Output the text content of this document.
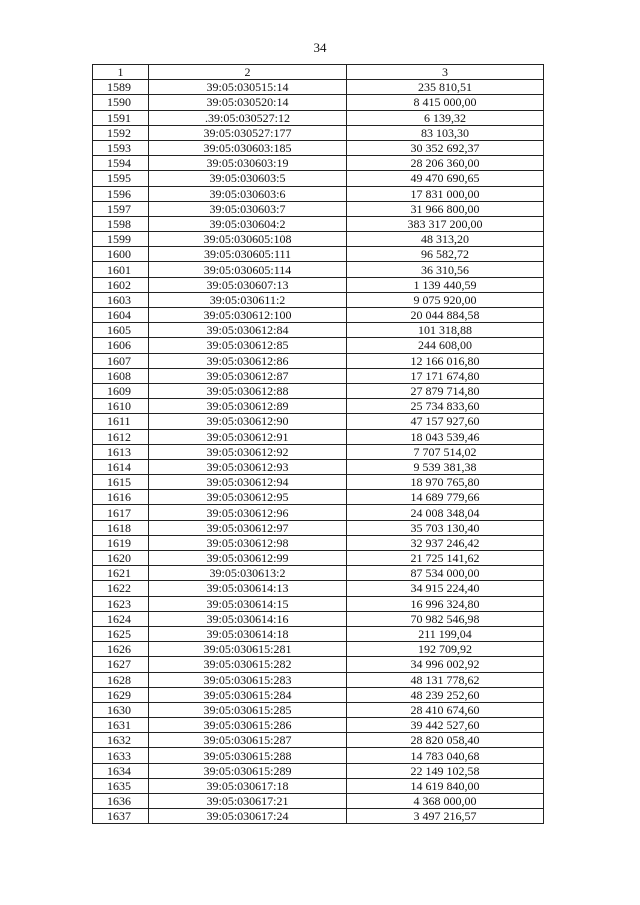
34
1	2	3
1589	39:05:030515:14	235 810,51
1590	39:05:030520:14	8 415 000,00
1591	.39:05:030527:12	6 139,32
1592	39:05:030527:177	83 103,30
1593	39:05:030603:185	30 352 692,37
1594	39:05:030603:19	28 206 360,00
1595	39:05:030603:5	49 470 690,65
1596	39:05:030603:6	17 831 000,00
1597	39:05:030603:7	31 966 800,00
1598	39:05:030604:2	383 317 200,00
1599	39:05:030605:108	48 313,20
1600	39:05:030605:111	96 582,72
1601	39:05:030605:114	36 310,56
1602	39:05:030607:13	1 139 440,59
1603	39:05:030611:2	9 075 920,00
1604	39:05:030612:100	20 044 884,58
1605	39:05:030612:84	101 318,88
1606	39:05:030612:85	244 608,00
1607	39:05:030612:86	12 166 016,80
1608	39:05:030612:87	17 171 674,80
1609	39:05:030612:88	27 879 714,80
1610	39:05:030612:89	25 734 833,60
1611	39:05:030612:90	47 157 927,60
1612	39:05:030612:91	18 043 539,46
1613	39:05:030612:92	7 707 514,02
1614	39:05:030612:93	9 539 381,38
1615	39:05:030612:94	18 970 765,80
1616	39:05:030612:95	14 689 779,66
1617	39:05:030612:96	24 008 348,04
1618	39:05:030612:97	35 703 130,40
1619	39:05:030612:98	32 937 246,42
1620	39:05:030612:99	21 725 141,62
1621	39:05:030613:2	87 534 000,00
1622	39:05:030614:13	34 915 224,40
1623	39:05:030614:15	16 996 324,80
1624	39:05:030614:16	70 982 546,98
1625	39:05:030614:18	211 199,04
1626	39:05:030615:281	192 709,92
1627	39:05:030615:282	34 996 002,92
1628	39:05:030615:283	48 131 778,62
1629	39:05:030615:284	48 239 252,60
1630	39:05:030615:285	28 410 674,60
1631	39:05:030615:286	39 442 527,60
1632	39:05:030615:287	28 820 058,40
1633	39:05:030615:288	14 783 040,68
1634	39:05:030615:289	22 149 102,58
1635	39:05:030617:18	14 619 840,00
1636	39:05:030617:21	4 368 000,00
1637	39:05:030617:24	3 497 216,57
